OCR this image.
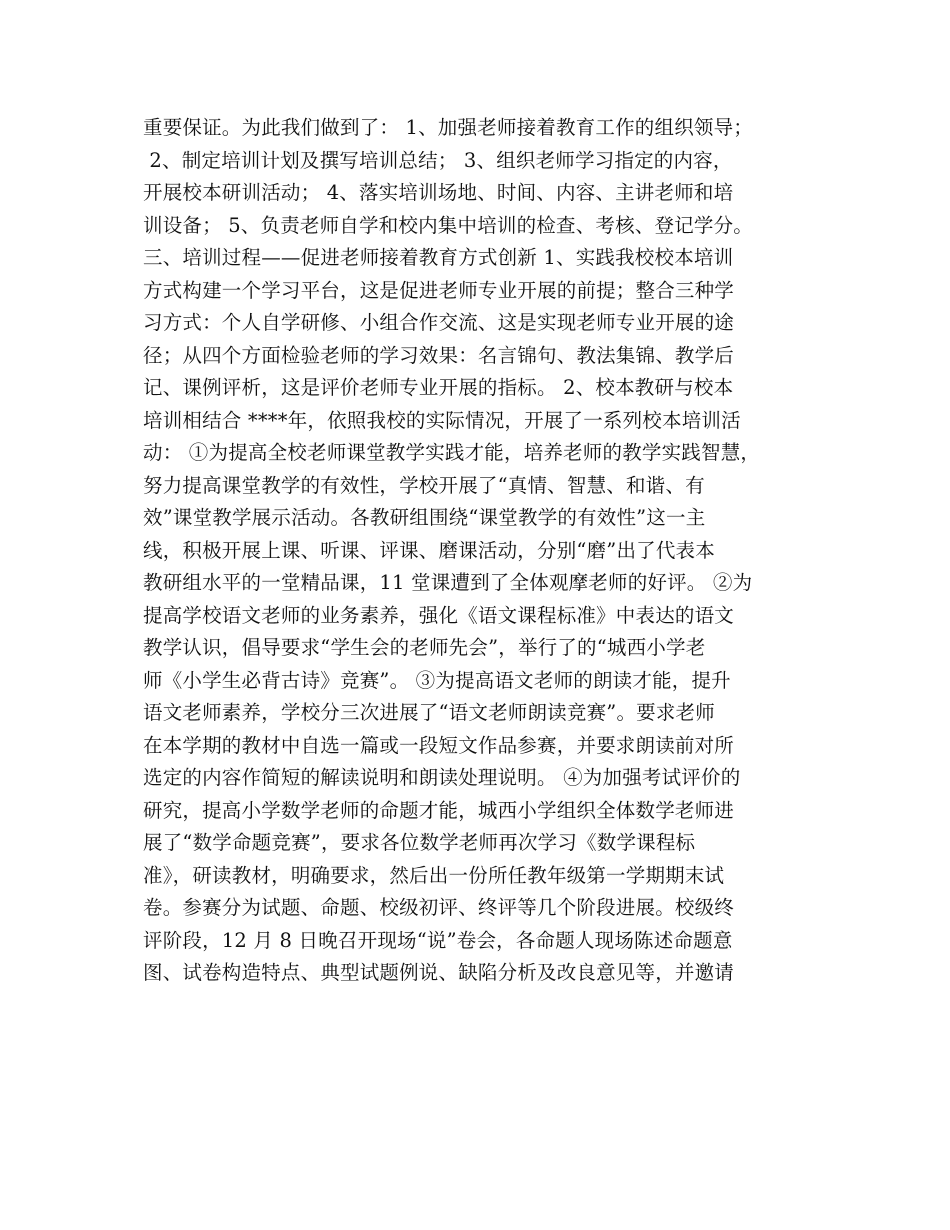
重要保证。为此我们做到了： 1、加强老师接着教育工作的组织领导；
2、制定培训计划及撰写培训总结； 3、组织老师学习指定的内容，
开展校本研训活动； 4、落实培训场地、时间、内容、主讲老师和培
训设备； 5、负责老师自学和校内集中培训的检查、考核、登记学分。
三、培训过程——促进老师接着教育方式创新 1、实践我校校本培训
方式构建一个学习平台，这是促进老师专业开展的前提；整合三种学
习方式：个人自学研修、小组合作交流、这是实现老师专业开展的途
径；从四个方面检验老师的学习效果：名言锦句、教法集锦、教学后
记、课例评析，这是评价老师专业开展的指标。 2、校本教研与校本
培训相结合 ****年，依照我校的实际情况，开展了一系列校本培训活
动： ①为提高全校老师课堂教学实践才能，培养老师的教学实践智慧，
努力提高课堂教学的有效性，学校开展了“真情、智慧、和谐、有
效”课堂教学展示活动。各教研组围绕“课堂教学的有效性”这一主
线，积极开展上课、听课、评课、磨课活动，分别“磨”出了代表本
教研组水平的一堂精品课，11 堂课遭到了全体观摩老师的好评。 ②为
提高学校语文老师的业务素养，强化《语文课程标准》中表达的语文
教学认识，倡导要求“学生会的老师先会”，举行了的“城西小学老
师《小学生必背古诗》竞赛”。 ③为提高语文老师的朗读才能，提升
语文老师素养，学校分三次进展了“语文老师朗读竞赛”。要求老师
在本学期的教材中自选一篇或一段短文作品参赛，并要求朗读前对所
选定的内容作简短的解读说明和朗读处理说明。 ④为加强考试评价的
研究，提高小学数学老师的命题才能，城西小学组织全体数学老师进
展了“数学命题竞赛”，要求各位数学老师再次学习《数学课程标
准》，研读教材，明确要求，然后出一份所任教年级第一学期期末试
卷。参赛分为试题、命题、校级初评、终评等几个阶段进展。校级终
评阶段，12 月 8 日晚召开现场“说”卷会，各命题人现场陈述命题意
图、试卷构造特点、典型试题例说、缺陷分析及改良意见等，并邀请
